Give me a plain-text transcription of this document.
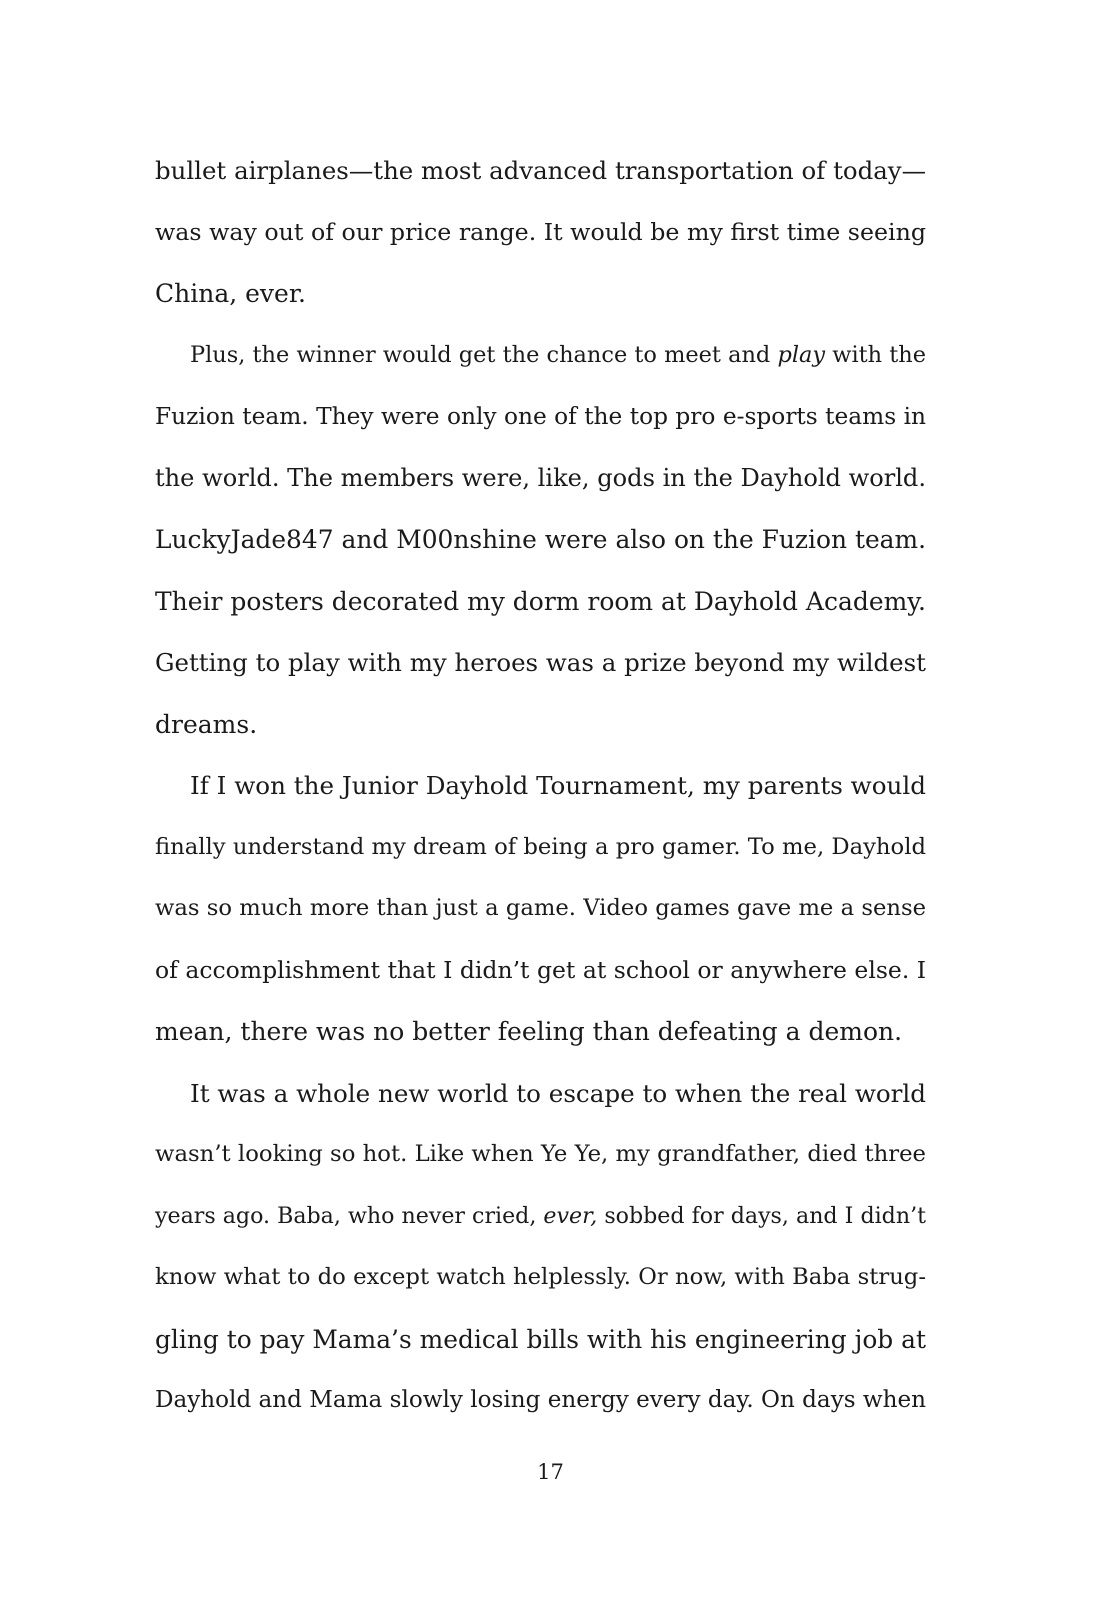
bullet airplanes—the most advanced transportation of today—
was way out of our price range. It would be my first time seeing
China, ever.
Plus, the winner would get the chance to meet and play with the
Fuzion team. They were only one of the top pro e-sports teams in
the world. The members were, like, gods in the Dayhold world.
LuckyJade847 and M00nshine were also on the Fuzion team.
Their posters decorated my dorm room at Dayhold Academy.
Getting to play with my heroes was a prize beyond my wildest
dreams.
If I won the Junior Dayhold Tournament, my parents would
finally understand my dream of being a pro gamer. To me, Dayhold
was so much more than just a game. Video games gave me a sense
of accomplishment that I didn’t get at school or anywhere else. I
mean, there was no better feeling than defeating a demon.
It was a whole new world to escape to when the real world
wasn’t looking so hot. Like when Ye Ye, my grandfather, died three
years ago. Baba, who never cried, ever, sobbed for days, and I didn’t
know what to do except watch helplessly. Or now, with Baba strug-
gling to pay Mama’s medical bills with his engineering job at
Dayhold and Mama slowly losing energy every day. On days when
17
